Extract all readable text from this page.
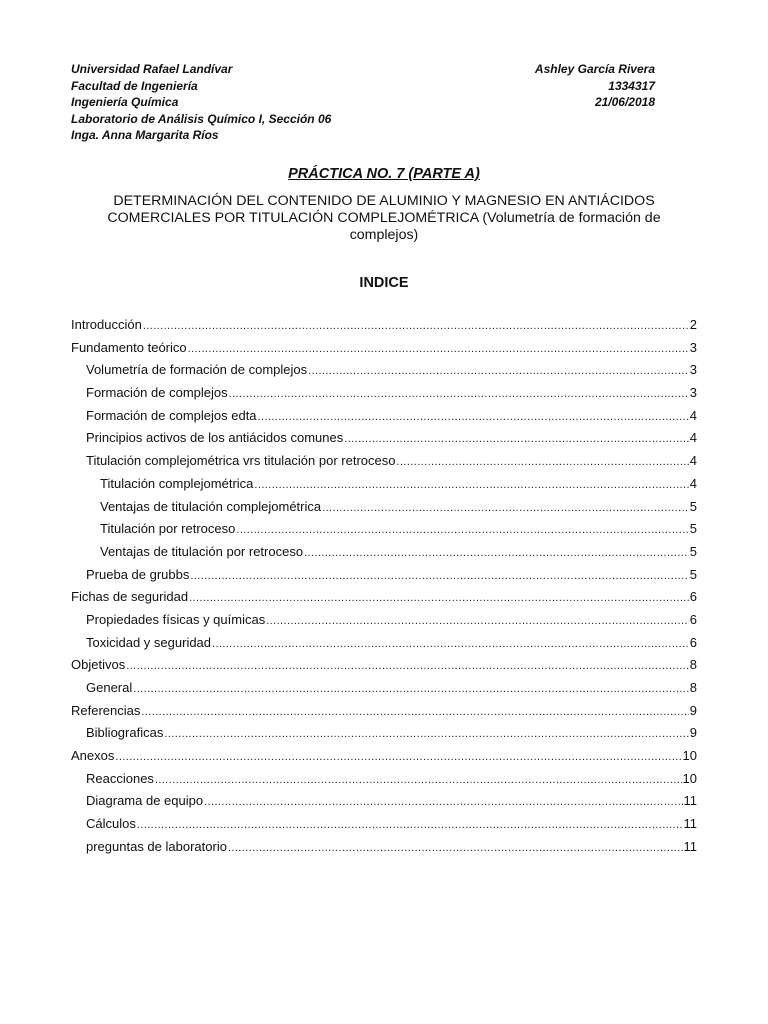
Universidad Rafael Landívar
Facultad de Ingeniería
Ingeniería Química
Laboratorio de Análisis Químico I, Sección 06
Inga. Anna Margarita Ríos
Ashley García Rivera
1334317
21/06/2018
PRÁCTICA NO. 7 (PARTE A)
DETERMINACIÓN DEL CONTENIDO DE ALUMINIO Y MAGNESIO EN ANTIÁCIDOS COMERCIALES POR TITULACIÓN COMPLEJOMÉTRICA (Volumetría de formación de complejos)
INDICE
Introducción .....	2
Fundamento teórico .....	3
Volumetría de formación de complejos .....	3
Formación de complejos .....	3
Formación de complejos edta .....	4
Principios activos de los antiácidos comunes .....	4
Titulación complejométrica vrs titulación por retroceso .....	4
Titulación complejométrica .....	4
Ventajas de titulación complejométrica .....	5
Titulación por retroceso .....	5
Ventajas de titulación por retroceso .....	5
Prueba de grubbs .....	5
Fichas de seguridad .....	6
Propiedades físicas y químicas .....	6
Toxicidad y seguridad .....	6
Objetivos .....	8
General .....	8
Referencias .....	9
Bibliograficas .....	9
Anexos .....	10
Reacciones .....	10
Diagrama de equipo .....	11
Cálculos .....	11
preguntas de laboratorio .....	11
